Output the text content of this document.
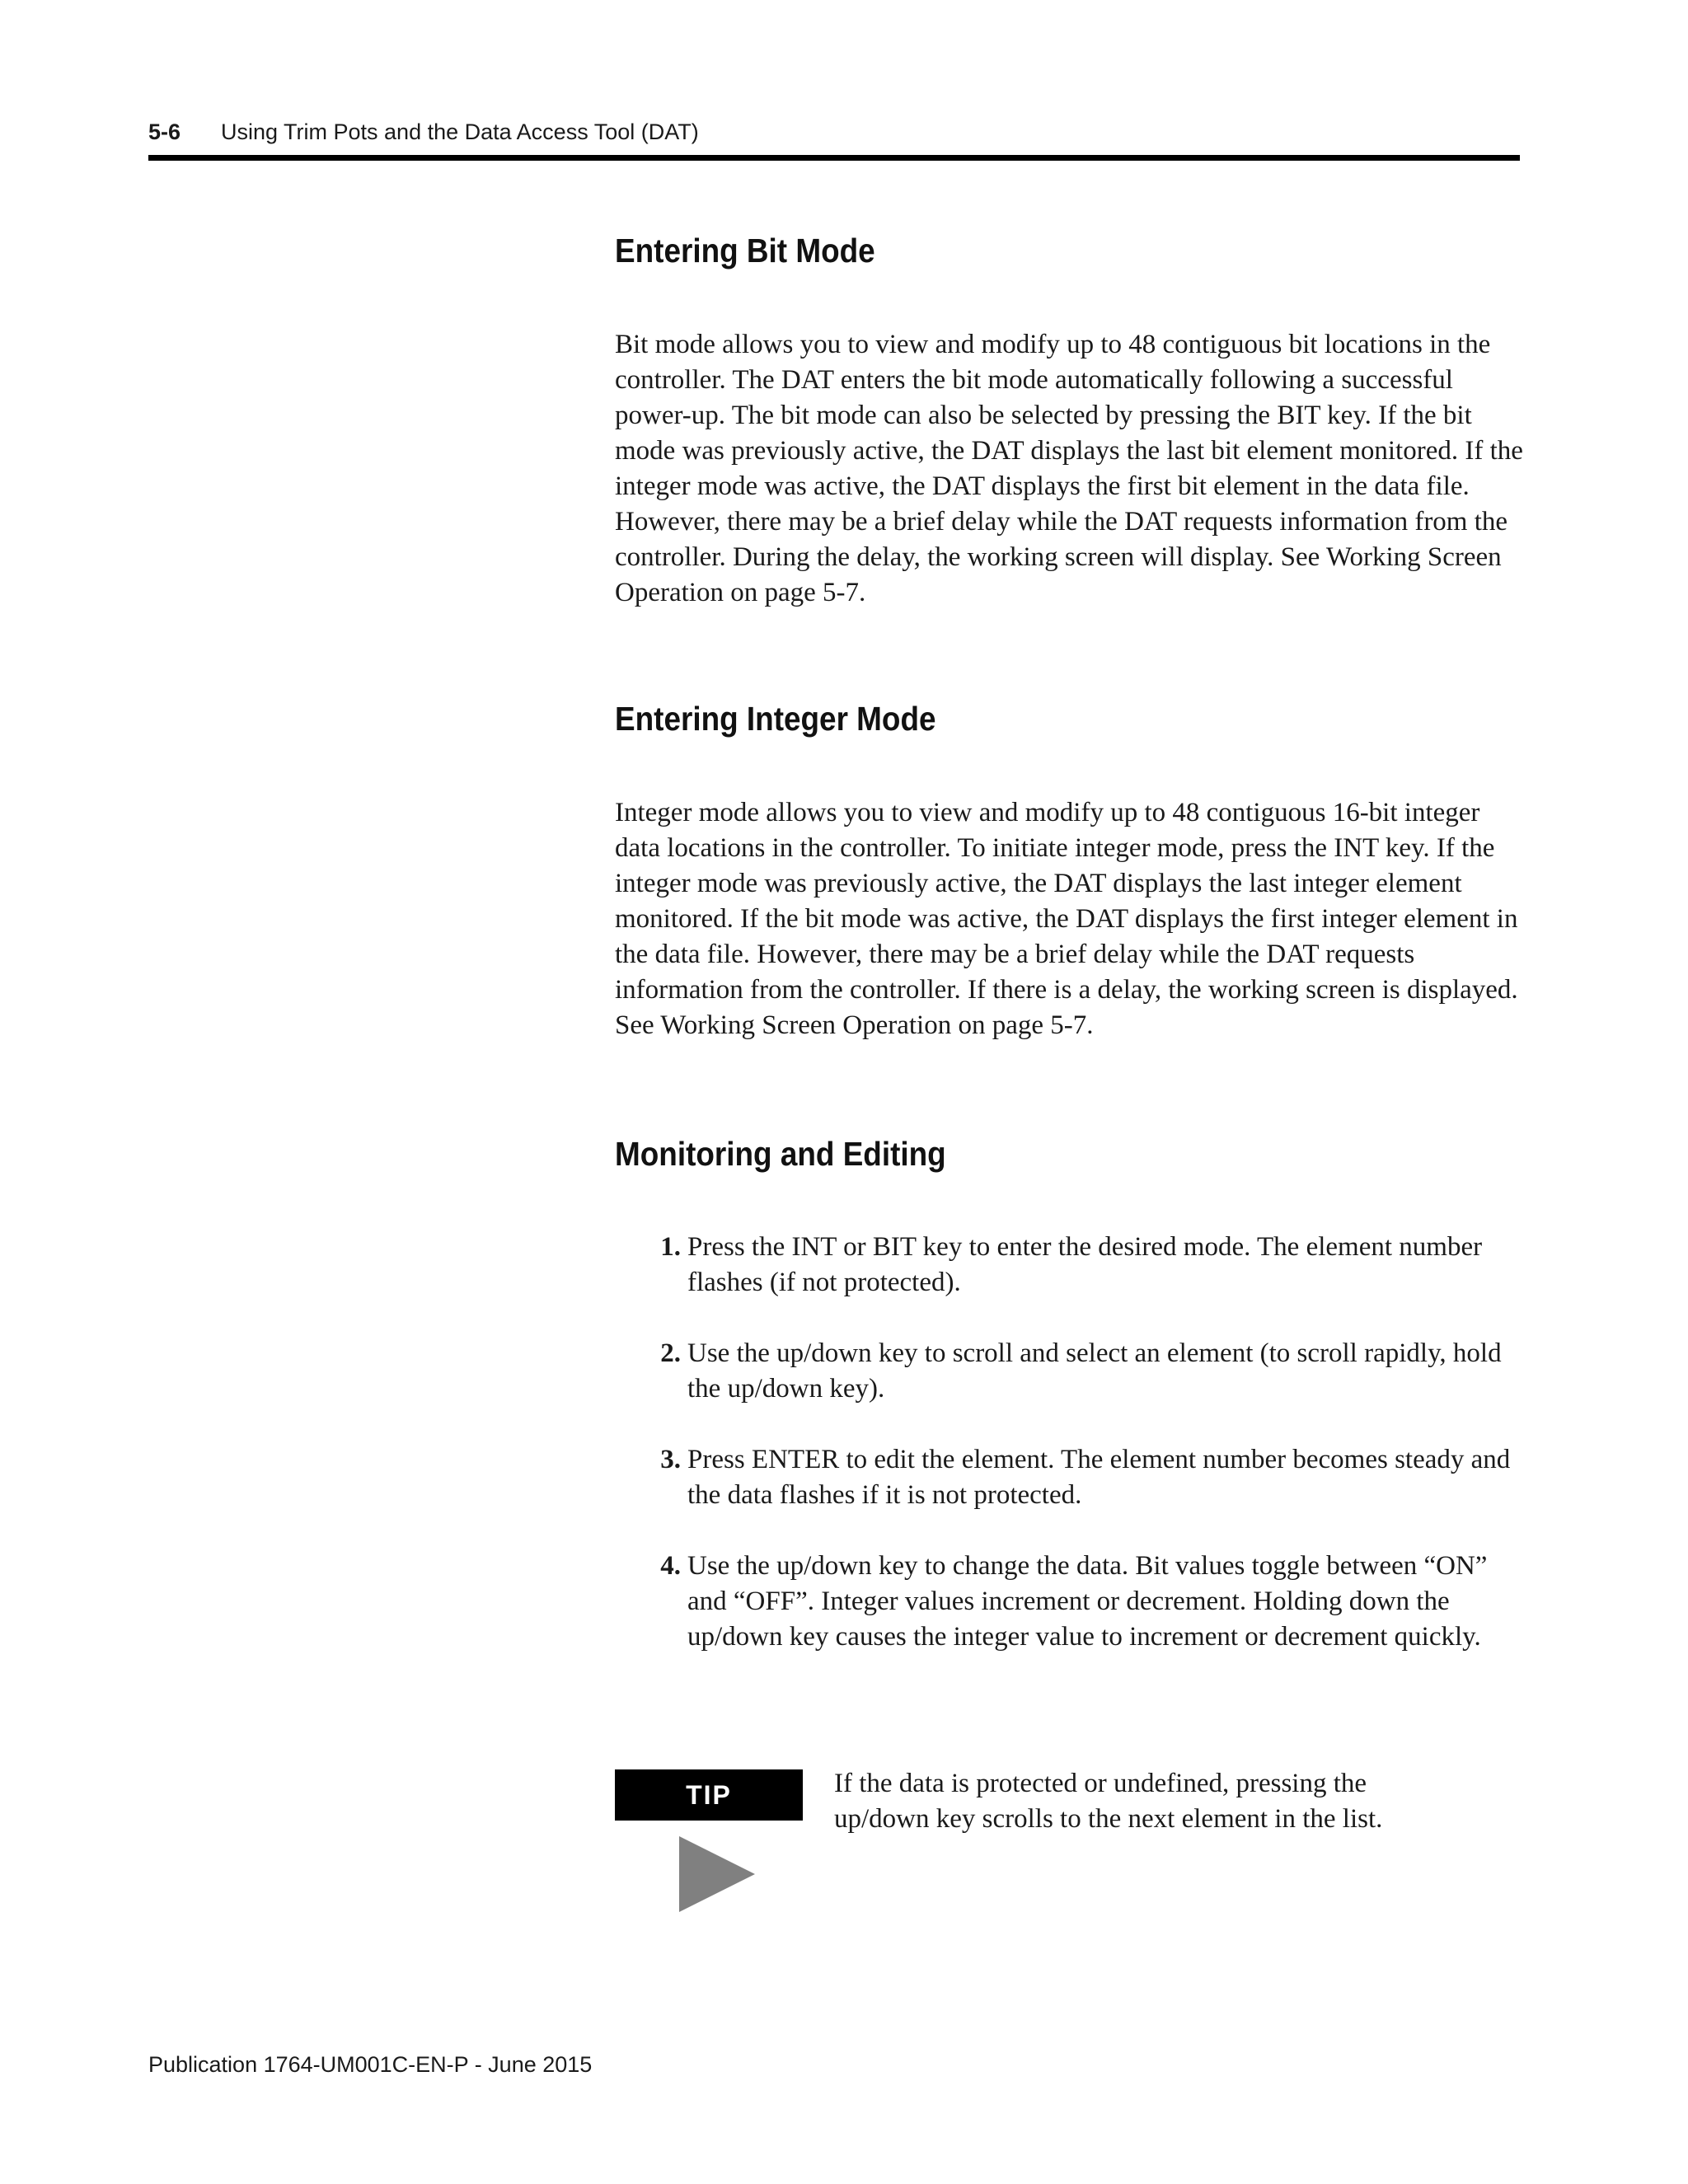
5-6	Using Trim Pots and the Data Access Tool (DAT)
Entering Bit Mode

Bit mode allows you to view and modify up to 48 contiguous bit locations in the controller. The DAT enters the bit mode automatically following a successful power-up. The bit mode can also be selected by pressing the BIT key. If the bit mode was previously active, the DAT displays the last bit element monitored. If the integer mode was active, the DAT displays the first bit element in the data file. However, there may be a brief delay while the DAT requests information from the controller. During the delay, the working screen will display. See Working Screen Operation on page 5-7.

Entering Integer Mode

Integer mode allows you to view and modify up to 48 contiguous 16-bit integer data locations in the controller. To initiate integer mode, press the INT key. If the integer mode was previously active, the DAT displays the last integer element monitored. If the bit mode was active, the DAT displays the first integer element in the data file. However, there may be a brief delay while the DAT requests information from the controller. If there is a delay, the working screen is displayed. See Working Screen Operation on page 5-7.

Monitoring and Editing
1. Press the INT or BIT key to enter the desired mode. The element number flashes (if not protected).
2. Use the up/down key to scroll and select an element (to scroll rapidly, hold the up/down key).
3. Press ENTER to edit the element. The element number becomes steady and the data flashes if it is not protected.
4. Use the up/down key to change the data. Bit values toggle between “ON” and “OFF”. Integer values increment or decrement. Holding down the up/down key causes the integer value to increment or decrement quickly.
TIP	If the data is protected or undefined, pressing the up/down key scrolls to the next element in the list.
Publication 1764-UM001C-EN-P - June 2015
